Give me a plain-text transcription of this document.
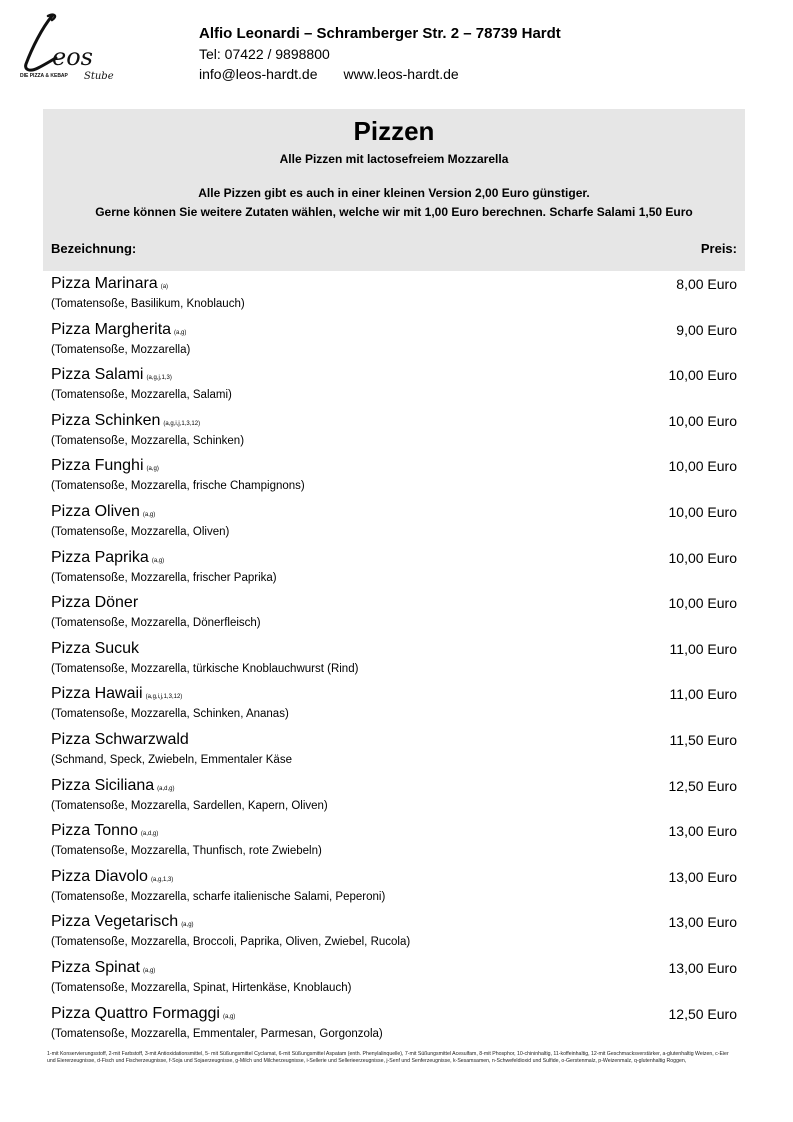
eos
DIE PIZZA & KEBAP Stube
Alfio Leonardi – Schramberger Str. 2 – 78739 Hardt
Tel: 07422 / 9898800
info@leos-hardt.de www.leos-hardt.de
Pizzen
Alle Pizzen mit lactosefreiem Mozzarella
Alle Pizzen gibt es auch in einer kleinen Version 2,00 Euro günstiger.
Gerne können Sie weitere Zutaten wählen, welche wir mit 1,00 Euro berechnen. Scharfe Salami 1,50 Euro
Bezeichnung:	Preis:
Pizza Marinara (a)
(Tomatensoße, Basilikum, Knoblauch)
8,00 Euro
Pizza Margherita (a,g)
(Tomatensoße, Mozzarella)
9,00 Euro
Pizza Salami (a,g,j,1,3)
(Tomatensoße, Mozzarella, Salami)
10,00 Euro
Pizza Schinken (a,g,i,j,1,3,12)
(Tomatensoße, Mozzarella, Schinken)
10,00 Euro
Pizza Funghi (a,g)
(Tomatensoße, Mozzarella, frische Champignons)
10,00 Euro
Pizza Oliven (a,g)
(Tomatensoße, Mozzarella, Oliven)
10,00 Euro
Pizza Paprika (a,g)
(Tomatensoße, Mozzarella, frischer Paprika)
10,00 Euro
Pizza Döner
(Tomatensoße, Mozzarella, Dönerfleisch)
10,00 Euro
Pizza Sucuk
(Tomatensoße, Mozzarella, türkische Knoblauchwurst (Rind)
11,00 Euro
Pizza Hawaii (a,g,i,j,1,3,12)
(Tomatensoße, Mozzarella, Schinken, Ananas)
11,00 Euro
Pizza Schwarzwald
(Schmand, Speck, Zwiebeln, Emmentaler Käse
11,50 Euro
Pizza Siciliana (a,d,g)
(Tomatensoße, Mozzarella, Sardellen, Kapern, Oliven)
12,50 Euro
Pizza Tonno (a,d,g)
(Tomatensoße, Mozzarella, Thunfisch, rote Zwiebeln)
13,00 Euro
Pizza Diavolo (a,g,1,3)
(Tomatensoße, Mozzarella, scharfe italienische Salami, Peperoni)
13,00 Euro
Pizza Vegetarisch (a,g)
(Tomatensoße, Mozzarella, Broccoli, Paprika, Oliven, Zwiebel, Rucola)
13,00 Euro
Pizza Spinat (a,g)
(Tomatensoße, Mozzarella, Spinat, Hirtenkäse, Knoblauch)
13,00 Euro
Pizza Quattro Formaggi (a,g)
(Tomatensoße, Mozzarella, Emmentaler, Parmesan, Gorgonzola)
12,50 Euro
1-mit Konservierungsstoff, 2-mit Farbstoff, 3-mit Antioxidationsmittel, 5- mit Süßungsmittel Cyclamat, 6-mit Süßungsmittel Aspatam (enth. Phenylalinquelle), 7-mit Süßungsmittel Acesulfam, 8-mit Phosphor, 10-chininhaltig, 11-koffeinhaltig, 12-mit Geschmacksverstärker, a-glutenhaltig Weizen, c-Eier und Eiererzeugnisse, d-Fisch und Fischerzeugnisse, f-Soja und Sojaerzeugnisse, g-Milch und Milcherzeugnisse, i-Sellerie und Sellerieerzeugnisse, j-Senf und Senferzeugnisse, k-Sesamsamen, n-Schwefeldioxid und Sulfide, o-Gerstenmalz, p-Weizenmalz, q-glutenhaltig Roggen,
